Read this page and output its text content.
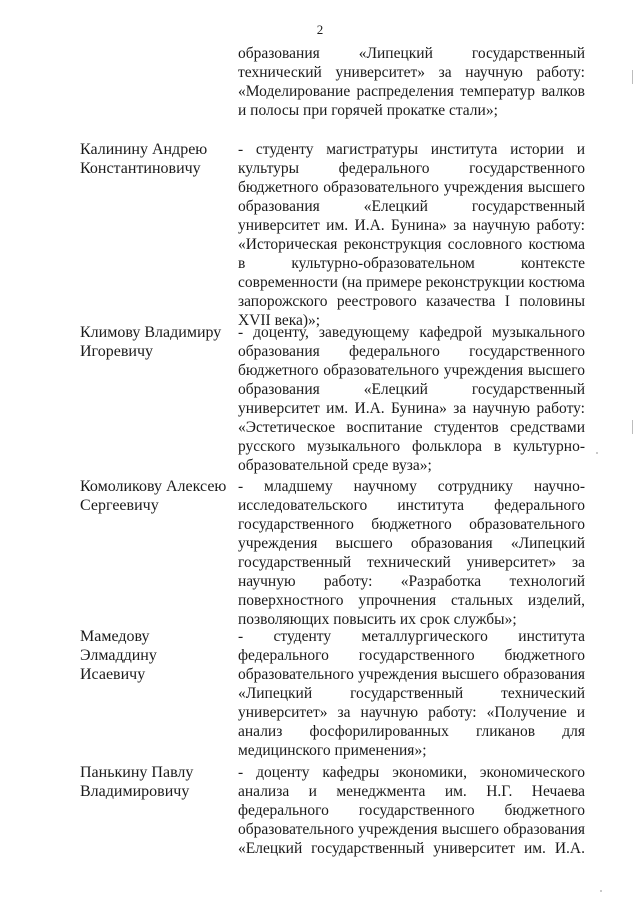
2
образования «Липецкий государственный
технический университет» за научную работу:
«Моделирование распределения температур валков
и полосы при горячей прокатке стали»;
Калинину Андрею
Константиновичу
- студенту магистратуры института истории и
культуры федерального государственного
бюджетного образовательного учреждения высшего
образования «Елецкий государственный
университет им. И.А. Бунина» за научную работу:
«Историческая реконструкция сословного костюма
в культурно-образовательном контексте
современности (на примере реконструкции костюма
запорожского реестрового казачества I половины
XVII века)»;
Климову Владимиру
Игоревичу
- доценту, заведующему кафедрой музыкального
образования федерального государственного
бюджетного образовательного учреждения высшего
образования «Елецкий государственный
университет им. И.А. Бунина» за научную работу:
«Эстетическое воспитание студентов средствами
русского музыкального фольклора в культурно-
образовательной среде вуза»;
Комоликову Алексею
Сергеевичу
- младшему научному сотруднику научно-
исследовательского института федерального
государственного бюджетного образовательного
учреждения высшего образования «Липецкий
государственный технический университет» за
научную работу: «Разработка технологий
поверхностного упрочнения стальных изделий,
позволяющих повысить их срок службы»;
Мамедову Элмаддину
Исаевичу
- студенту металлургического института
федерального государственного бюджетного
образовательного учреждения высшего образования
«Липецкий государственный технический
университет» за научную работу: «Получение и
анализ фосфорилированных гликанов для
медицинского применения»;
Панькину Павлу
Владимировичу
- доценту кафедры экономики, экономического
анализа и менеджмента им. Н.Г. Нечаева
федерального государственного бюджетного
образовательного учреждения высшего образования
«Елецкий государственный университет им. И.А.
